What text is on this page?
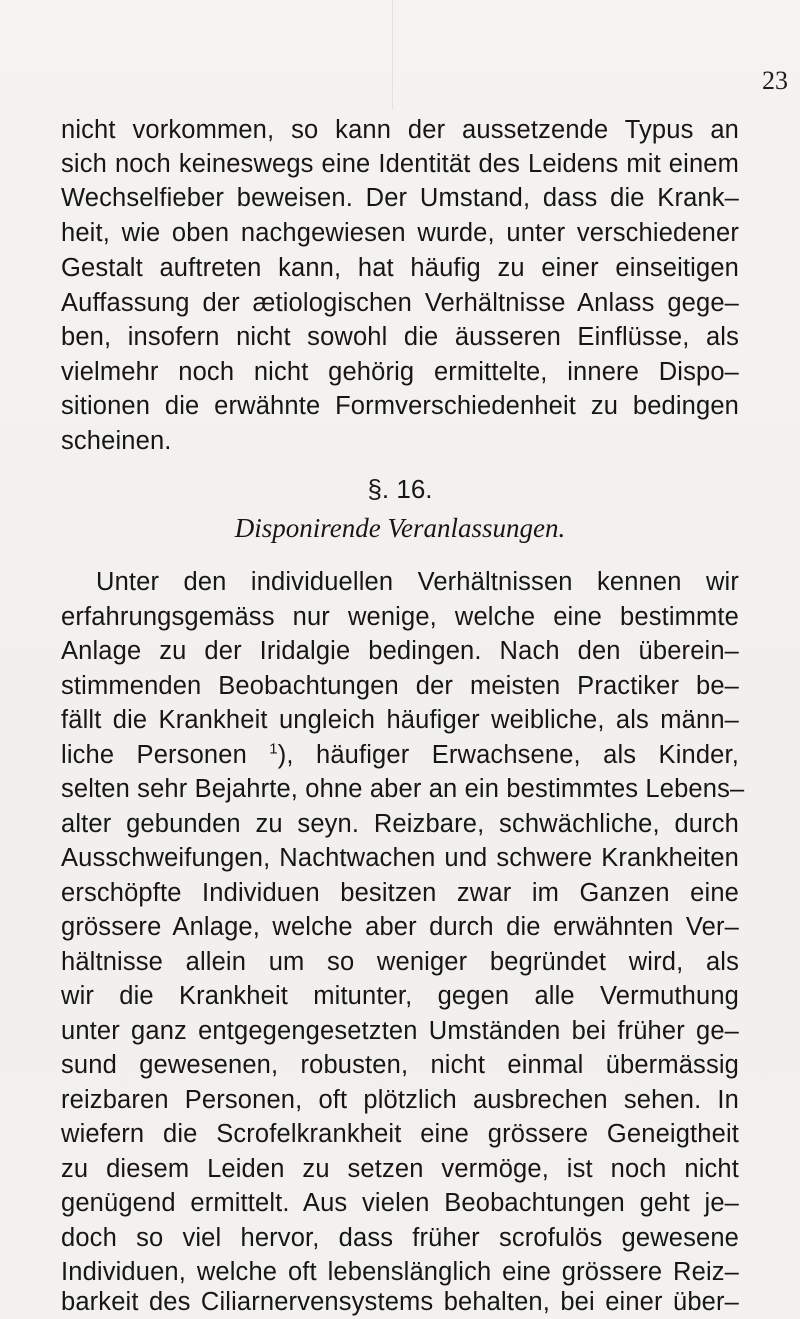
23
nicht vorkommen, so kann der aussetzende Typus an
sich noch keineswegs eine Identität des Leidens mit einem
Wechselfieber beweisen. Der Umstand, dass die Krank–
heit, wie oben nachgewiesen wurde, unter verschiedener
Gestalt auftreten kann, hat häufig zu einer einseitigen
Auffassung der ætiologischen Verhältnisse Anlass gege–
ben, insofern nicht sowohl die äusseren Einflüsse, als
vielmehr noch nicht gehörig ermittelte, innere Dispo–
sitionen die erwähnte Formverschiedenheit zu bedingen
scheinen.
§. 16.
Disponirende Veranlassungen.
Unter den individuellen Verhältnissen kennen wir
erfahrungsgemäss nur wenige, welche eine bestimmte
Anlage zu der Iridalgie bedingen. Nach den überein–
stimmenden Beobachtungen der meisten Practiker be–
fällt die Krankheit ungleich häufiger weibliche, als männ–
liche Personen $^1$), häufiger Erwachsene, als Kinder,
selten sehr Bejahrte, ohne aber an ein bestimmtes Lebens–
alter gebunden zu seyn. Reizbare, schwächliche, durch
Ausschweifungen, Nachtwachen und schwere Krankheiten
erschöpfte Individuen besitzen zwar im Ganzen eine
grössere Anlage, welche aber durch die erwähnten Ver–
hältnisse allein um so weniger begründet wird, als
wir die Krankheit mitunter, gegen alle Vermuthung
unter ganz entgegengesetzten Umständen bei früher ge–
sund gewesenen, robusten, nicht einmal übermässig
reizbaren Personen, oft plötzlich ausbrechen sehen. In
wiefern die Scrofelkrankheit eine grössere Geneigtheit
zu diesem Leiden zu setzen vermöge, ist noch nicht
genügend ermittelt. Aus vielen Beobachtungen geht je–
doch so viel hervor, dass früher scrofulös gewesene
Individuen, welche oft lebenslänglich eine grössere Reiz–
barkeit des Ciliarnervensystems behalten, bei einer über–
